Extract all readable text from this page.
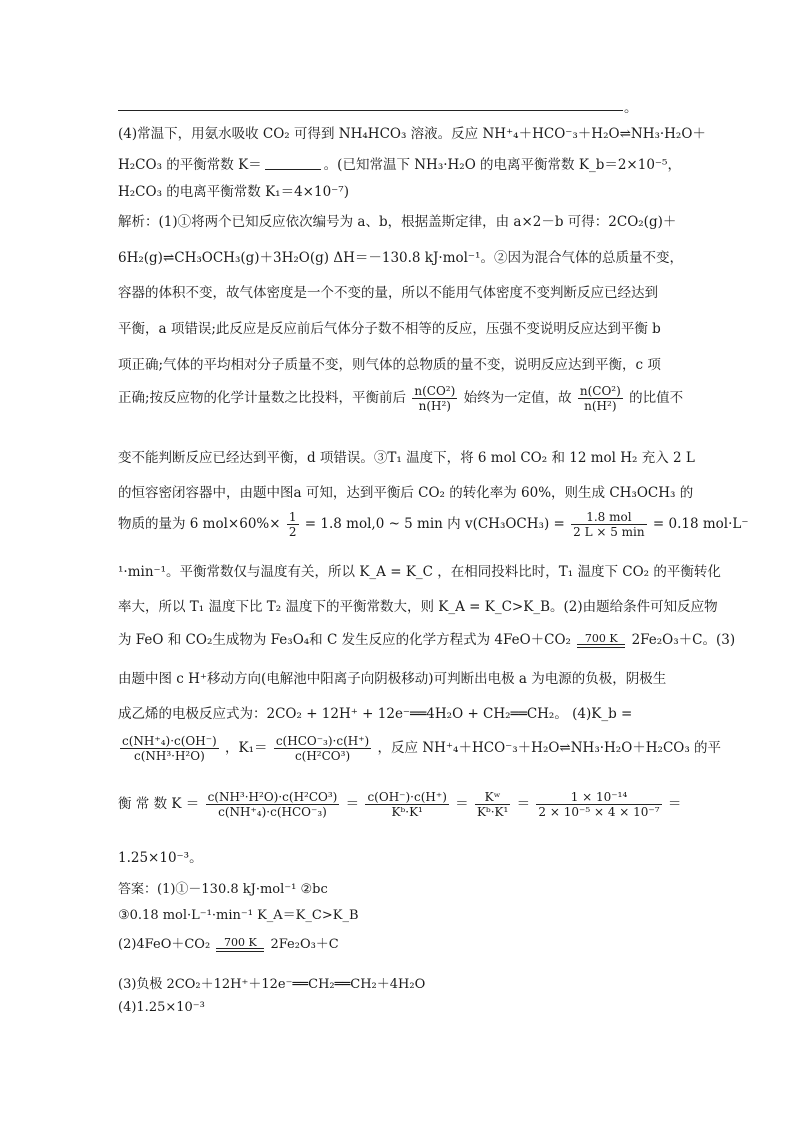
。
(4)常温下，用氨水吸收 CO₂ 可得到 NH₄HCO₃ 溶液。反应 NH⁺₄＋HCO⁻₃＋H₂O⇌NH₃·H₂O＋
H₂CO₃ 的平衡常数 K＝	。(已知常温下 NH₃·H₂O 的电离平衡常数 K_b＝2×10⁻⁵，
H₂CO₃ 的电离平衡常数 K₁＝4×10⁻⁷)
解析：(1)①将两个已知反应依次编号为 a、b，根据盖斯定律，由 a×2－b 可得：2CO₂(g)＋
6H₂(g)⇌CH₃OCH₃(g)＋3H₂O(g) ΔH＝－130.8 kJ·mol⁻¹。②因为混合气体的总质量不变，
容器的体积不变，故气体密度是一个不变的量，所以不能用气体密度不变判断反应已经达到
平衡，a 项错误;此反应是反应前后气体分子数不相等的反应，压强不变说明反应达到平衡 b
项正确;气体的平均相对分子质量不变，则气体的总物质的量不变，说明反应达到平衡，c 项
正确;按反应物的化学计量数之比投料，平衡前后 $\frac{\text{n(CO²)}}{\text{n(H²)}}$ 始终为一定值，故 $\frac{\text{n(CO²)}}{\text{n(H²)}}$ 的比值不
变不能判断反应已经达到平衡，d 项错误。③T₁ 温度下，将 6 mol CO₂ 和 12 mol H₂ 充入 2 L
的恒容密闭容器中，由题中图a 可知，达到平衡后 CO₂ 的转化率为 60%，则生成 CH₃OCH₃ 的
物质的量为 6 $mol\times 60\%\times \frac{1}{2} = 1.8$ mol,0 ~ 5 min 内 $v(CH_3OCH_3) = \frac{\text{1.8 mol}}{2 L \times 5 \min} = 0.18$ mol·L⁻
¹·min⁻¹。平衡常数仅与温度有关，所以 K_A = K_C ，在相同投料比时，T₁ 温度下 CO₂ 的平衡转化
率大，所以 T₁ 温度下比 T₂ 温度下的平衡常数大，则 K_A = K_C>K_B。(2)由题给条件可知反应物
为 FeO 和 CO₂生成物为 Fe₃O₄和 C 发生反应的化学方程式为 4FeO＋CO₂	700 K	2Fe₂O₃＋C。(3)
由题中图 c H⁺移动方向(电解池中阳离子向阴极移动)可判断出电极 a 为电源的负极，阴极生
成乙烯的电极反应式为：2CO₂ + 12H⁺ + 12e⁻══4H₂O + CH₂══CH₂。 (4)K_b =
$\frac{\text{c(NH⁺₄)·c(OH⁻)}}{\text{c(NH³·H²O)}}$ ，$K_1= \frac{\text{c(HCO⁻₃)·c(H⁺)}}{\text{c(H²CO³)}}$ ，反应 NH⁺₄＋HCO⁻₃＋H₂O⇌NH₃·H₂O＋H₂CO₃ 的平
衡 常 数 $K = \frac{\text{c(NH³·H²O)·c(H²CO³)}}{\text{c(NH⁺₄)·c(HCO⁻₃)}} = \frac{c(OH^-)\cdot c(H^+)}{\text{Kᵇ·K¹}} = \frac{\text{Kʷ}}{\text{Kᵇ·K¹}} = \frac{\text{1 × 10⁻¹⁴}}{\text{2 × 10⁻⁵ × 4 × 10⁻⁷}}$ ＝
1.25×10⁻³。
答案：(1)①－130.8 kJ·mol⁻¹ ②bc
③0.18 mol·L⁻¹·min⁻¹ K_A＝K_C>K_B
(2)4FeO＋CO₂	700 K	2Fe₂O₃＋C
(3)负极 2CO₂＋12H⁺＋12e⁻══CH₂══CH₂＋4H₂O
(4)1.25×10⁻³
